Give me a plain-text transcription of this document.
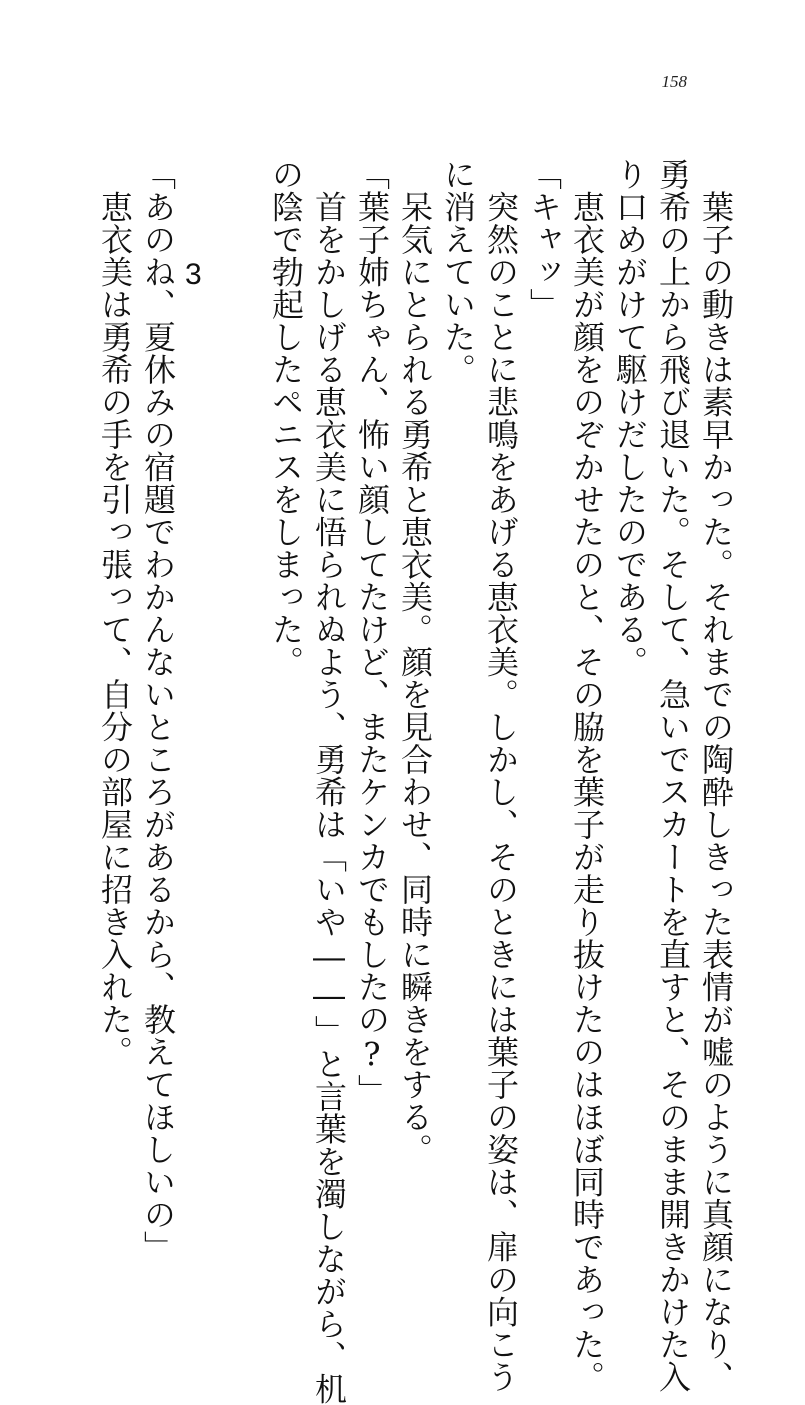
158
　葉子の動きは素早かった。それまでの陶酔しきった表情が嘘のように真顔になり、
勇希の上から飛び退いた。そして、急いでスカートを直すと、そのまま開きかけた入
り口めがけて駆けだしたのである。
　恵衣美が顔をのぞかせたのと、その脇を葉子が走り抜けたのはほぼ同時であった。
「キャッ」
　突然のことに悲鳴をあげる恵衣美。しかし、そのときには葉子の姿は、扉の向こう
に消えていた。
　呆気にとられる勇希と恵衣美。顔を見合わせ、同時に瞬きをする。
「葉子姉ちゃん、怖い顔してたけど、またケンカでもしたの?」
　首をかしげる恵衣美に悟られぬよう、勇希は「いや――」と言葉を濁しながら、机
の陰で勃起したペニスをしまった。
3
「あのね、夏休みの宿題でわかんないところがあるから、教えてほしいの」
　恵衣美は勇希の手を引っ張って、自分の部屋に招き入れた。
